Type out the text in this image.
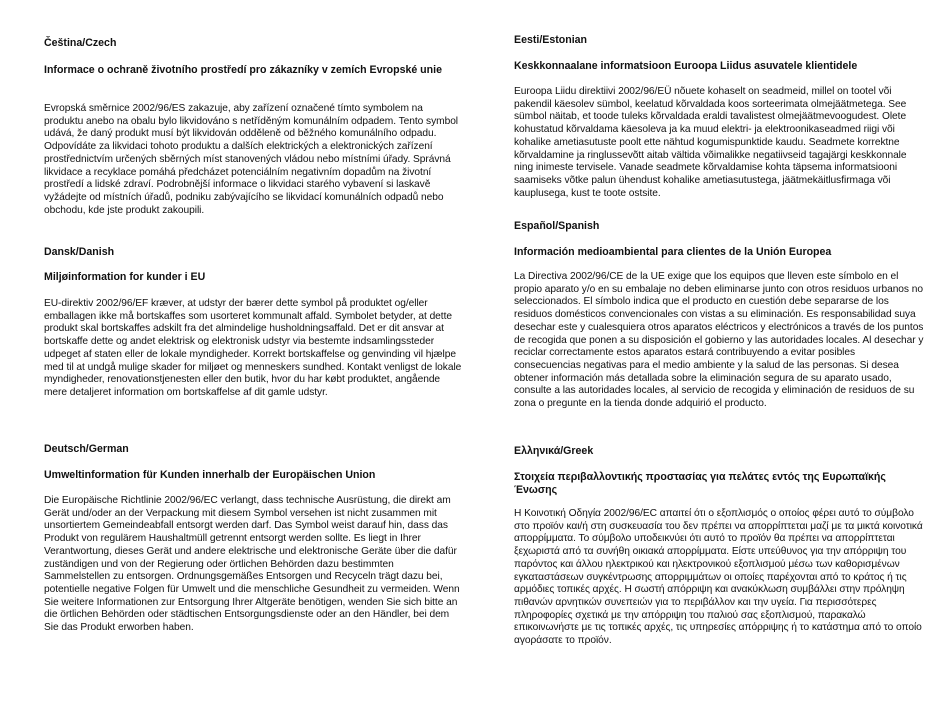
Čeština/Czech
Informace o ochraně životního prostředí pro zákazníky v zemích Evropské unie
Evropská směrnice 2002/96/ES zakazuje, aby zařízení označené tímto symbolem na produktu anebo na obalu bylo likvidováno s netříděným komunálním odpadem. Tento symbol udává, že daný produkt musí být likvidován odděleně od běžného komunálního odpadu. Odpovídáte za likvidaci tohoto produktu a dalších elektrických a elektronických zařízení prostřednictvím určených sběrných míst stanovených vládou nebo místními úřady. Správná likvidace a recyklace pomáhá předcházet potenciálním negativním dopadům na životní prostředí a lidské zdraví. Podrobnější informace o likvidaci starého vybavení si laskavě vyžádejte od místních úřadů, podniku zabývajícího se likvidací komunálních odpadů nebo obchodu, kde jste produkt zakoupili.
Dansk/Danish
Miljøinformation for kunder i EU
EU-direktiv 2002/96/EF kræver, at udstyr der bærer dette symbol på produktet og/eller emballagen ikke må bortskaffes som usorteret kommunalt affald. Symbolet betyder, at dette produkt skal bortskaffes adskilt fra det almindelige husholdningsaffald. Det er dit ansvar at bortskaffe dette og andet elektrisk og elektronisk udstyr via bestemte indsamlingssteder udpeget af staten eller de lokale myndigheder. Korrekt bortskaffelse og genvinding vil hjælpe med til at undgå mulige skader for miljøet og menneskers sundhed. Kontakt venligst de lokale myndigheder, renovationstjenesten eller den butik, hvor du har købt produktet, angående mere detaljeret information om bortskaffelse af dit gamle udstyr.
Deutsch/German
Umweltinformation für Kunden innerhalb der Europäischen Union
Die Europäische Richtlinie 2002/96/EC verlangt, dass technische Ausrüstung, die direkt am Gerät und/oder an der Verpackung mit diesem Symbol versehen ist nicht zusammen mit unsortiertem Gemeindeabfall entsorgt werden darf. Das Symbol weist darauf hin, dass das Produkt von regulärem Haushaltmüll getrennt entsorgt werden sollte. Es liegt in Ihrer Verantwortung, dieses Gerät und andere elektrische und elektronische Geräte über die dafür zuständigen und von der Regierung oder örtlichen Behörden dazu bestimmten Sammelstellen zu entsorgen. Ordnungsgemäßes Entsorgen und Recyceln trägt dazu bei, potentielle negative Folgen für Umwelt und die menschliche Gesundheit zu vermeiden. Wenn Sie weitere Informationen zur Entsorgung Ihrer Altgeräte benötigen, wenden Sie sich bitte an die örtlichen Behörden oder städtischen Entsorgungsdienste oder an den Händler, bei dem Sie das Produkt erworben haben.
Eesti/Estonian
Keskkonnaalane informatsioon Euroopa Liidus asuvatele klientidele
Euroopa Liidu direktiivi 2002/96/EÜ nõuete kohaselt on seadmeid, millel on tootel või pakendil käesolev sümbol, keelatud kõrvaldada koos sorteerimata olmejäätmetega. See sümbol näitab, et toode tuleks kõrvaldada eraldi tavalistest olmejäätmevoogudest. Olete kohustatud kõrvaldama käesoleva ja ka muud elektri- ja elektroonikaseadmed riigi või kohalike ametiasutuste poolt ette nähtud kogumispunktide kaudu. Seadmete korrektne kõrvaldamine ja ringlussevõtt aitab vältida võimalikke negatiivseid tagajärgi keskkonnale ning inimeste tervisele. Vanade seadmete kõrvaldamise kohta täpsema informatsiooni saamiseks võtke palun ühendust kohalike ametiasutustega, jäätmekäitlusfirmaga või kauplusega, kust te toote ostsite.
Español/Spanish
Información medioambiental para clientes de la Unión Europea
La Directiva 2002/96/CE de la UE exige que los equipos que lleven este símbolo en el propio aparato y/o en su embalaje no deben eliminarse junto con otros residuos urbanos no seleccionados. El símbolo indica que el producto en cuestión debe separarse de los residuos domésticos convencionales con vistas a su eliminación. Es responsabilidad suya desechar este y cualesquiera otros aparatos eléctricos y electrónicos a través de los puntos de recogida que ponen a su disposición el gobierno y las autoridades locales. Al desechar y reciclar correctamente estos aparatos estará contribuyendo a evitar posibles consecuencias negativas para el medio ambiente y la salud de las personas. Si desea obtener información más detallada sobre la eliminación segura de su aparato usado, consulte a las autoridades locales, al servicio de recogida y eliminación de residuos de su zona o pregunte en la tienda donde adquirió el producto.
Ελληνικά/Greek
Στοιχεία περιβαλλοντικής προστασίας για πελάτες εντός της Ευρωπαϊκής Ένωσης
Η Κοινοτική Οδηγία 2002/96/EC απαιτεί ότι ο εξοπλισμός ο οποίος φέρει αυτό το σύμβολο στο προϊόν και/ή στη συσκευασία του δεν πρέπει να απορρίπτεται μαζί με τα μικτά κοινοτικά απορρίμματα. Το σύμβολο υποδεικνύει ότι αυτό το προϊόν θα πρέπει να απορρίπτεται ξεχωριστά από τα συνήθη οικιακά απορρίμματα. Είστε υπεύθυνος για την απόρριψη του παρόντος και άλλου ηλεκτρικού και ηλεκτρονικού εξοπλισμού μέσω των καθορισμένων εγκαταστάσεων συγκέντρωσης απορριμμάτων οι οποίες παρέχονται από το κράτος ή τις αρμόδιες τοπικές αρχές. Η σωστή απόρριψη και ανακύκλωση συμβάλλει στην πρόληψη πιθανών αρνητικών συνεπειών για το περιβάλλον και την υγεία. Για περισσότερες πληροφορίες σχετικά με την απόρριψη του παλιού σας εξοπλισμού, παρακαλώ επικοινωνήστε με τις τοπικές αρχές, τις υπηρεσίες απόρριψης ή το κατάστημα από το οποίο αγοράσατε το προϊόν.
